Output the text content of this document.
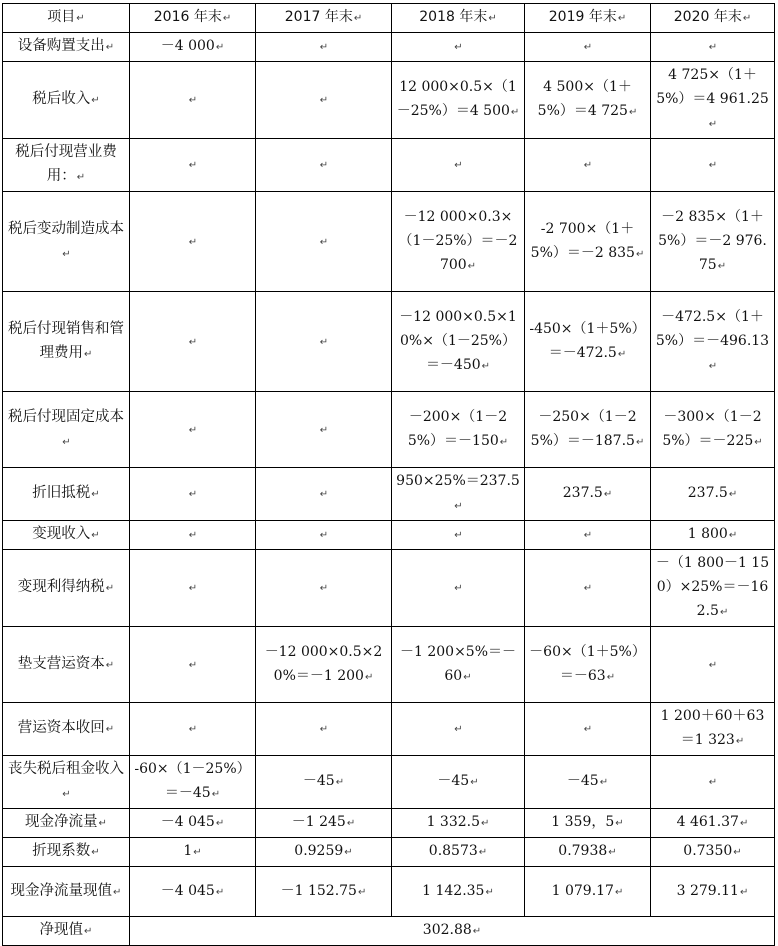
项目↵	2016 年末↵	2017 年末↵	2018 年末↵	2019 年末↵	2020 年末↵
设备购置支出↵	－4 000↵	↵	↵	↵	↵
税后收入↵	↵	↵	12 000×0.5×（1－25%）＝4 500↵	4 500×（1＋5%）＝4 725↵	4 725×（1＋5%）＝4 961.25↵
税后付现营业费用：↵	↵	↵	↵	↵	↵
税后变动制造成本↵	↵	↵	－12 000×0.3×（1－25%）＝－2 700↵	-2 700×（1＋5%）＝－2 835↵	－2 835×（1＋5%）＝－2 976.75↵
税后付现销售和管理费用↵	↵	↵	－12 000×0.5×10%×（1－25%）＝－450↵	-450×（1＋5%）＝－472.5↵	－472.5×（1＋5%）＝－496.13↵
税后付现固定成本↵	↵	↵	－200×（1－25%）＝－150↵	－250×（1－25%）＝－187.5↵	－300×（1－25%）＝－225↵
折旧抵税↵	↵	↵	950×25%＝237.5↵	237.5↵	237.5↵
变现收入↵	↵	↵	↵	↵	1 800↵
变现利得纳税↵	↵	↵	↵	↵	－（1 800－1 150）×25%＝－162.5↵
垫支营运资本↵	↵	－12 000×0.5×20%＝－1 200↵	－1 200×5%＝－60↵	－60×（1＋5%）＝－63↵	↵
营运资本收回↵	↵	↵	↵	↵	1 200＋60＋63＝1 323↵
丧失税后租金收入↵	-60×（1－25%）＝－45↵	－45↵	－45↵	－45↵	↵
现金净流量↵	－4 045↵	－1 245↵	1 332.5↵	1 359，5↵	4 461.37↵
折现系数↵	1↵	0.9259↵	0.8573↵	0.7938↵	0.7350↵
现金净流量现值↵	－4 045↵	－1 152.75↵	1 142.35↵	1 079.17↵	3 279.11↵
净现值↵	302.88↵				
